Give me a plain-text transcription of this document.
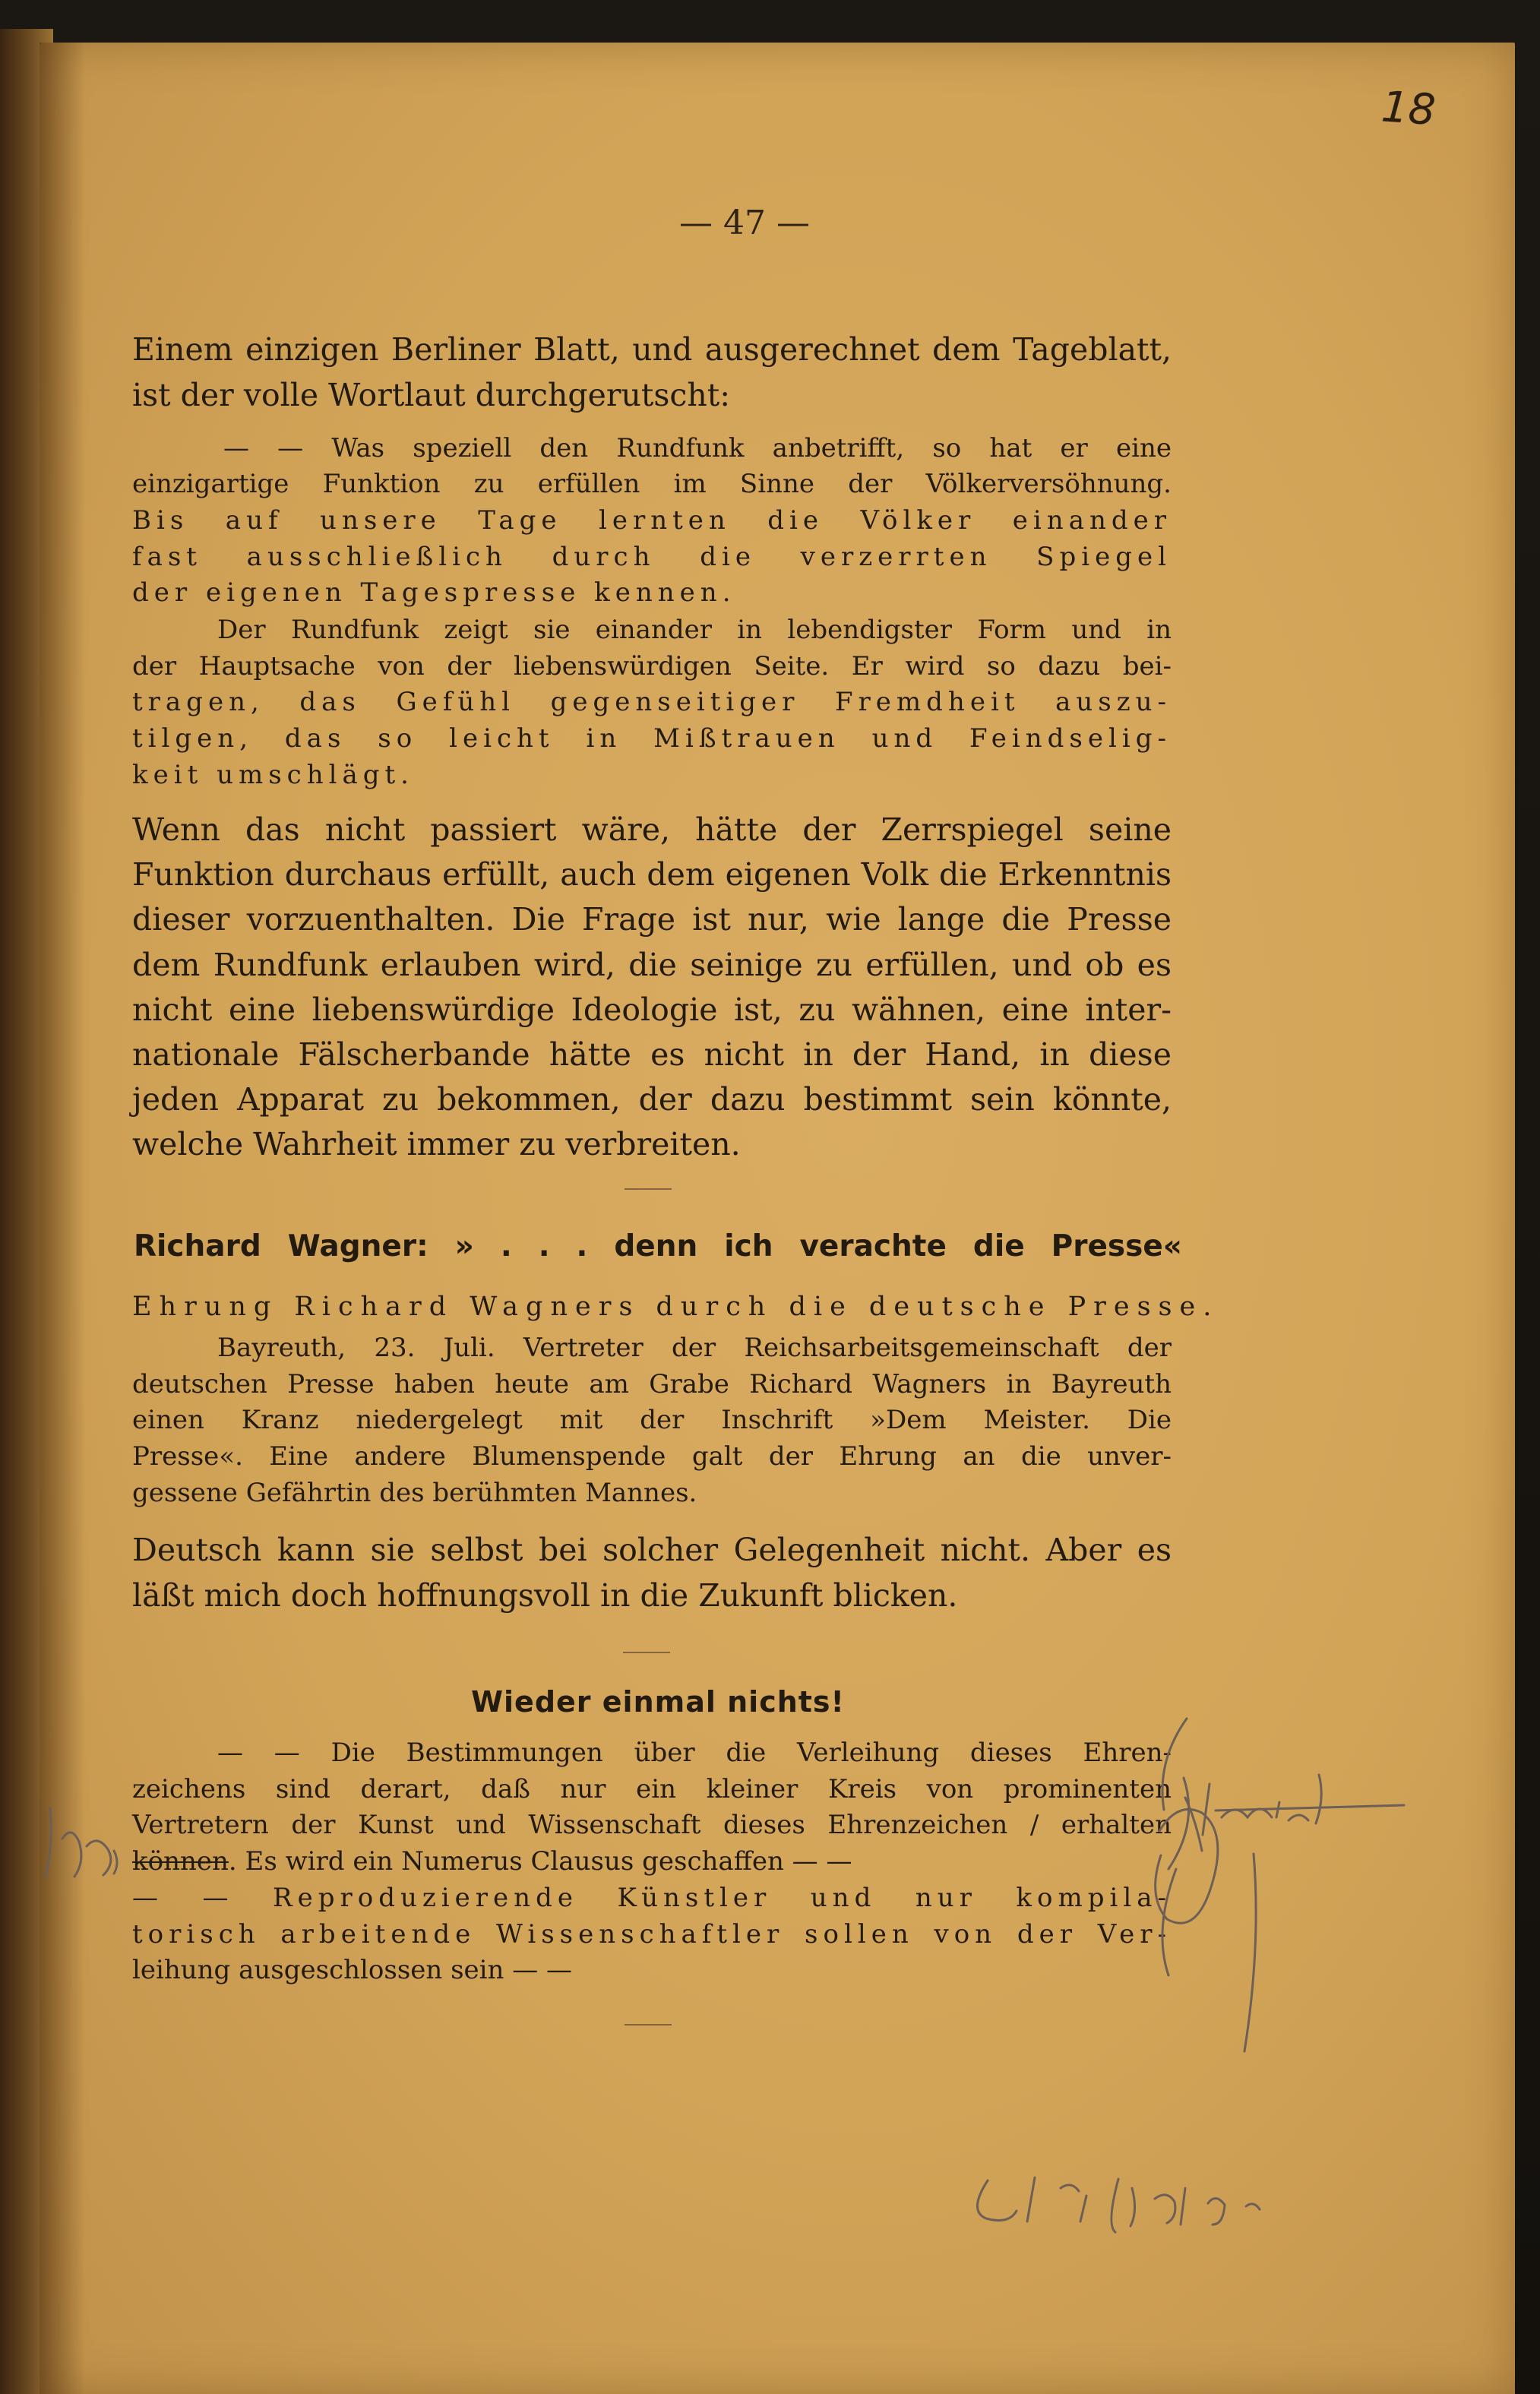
18
— 47 —

Einem einzigen Berliner Blatt, und ausgerechnet dem Tageblatt,

ist der volle Wortlaut durchgerutscht:

— — Was speziell den Rundfunk anbetrifft, so hat er eine

einzigartige Funktion zu erfüllen im Sinne der Völkerversöhnung.

Bis auf unsere Tage lernten die Völker einander

fast ausschließlich durch die verzerrten Spiegel

der eigenen Tagespresse kennen.

Der Rundfunk zeigt sie einander in lebendigster Form und in

der Hauptsache von der liebenswürdigen Seite. Er wird so dazu bei-

tragen, das Gefühl gegenseitiger Fremdheit auszu-

tilgen, das so leicht in Mißtrauen und Feindselig-

keit umschlägt.

Wenn das nicht passiert wäre, hätte der Zerrspiegel seine

Funktion durchaus erfüllt, auch dem eigenen Volk die Erkenntnis

dieser vorzuenthalten. Die Frage ist nur, wie lange die Presse

dem Rundfunk erlauben wird, die seinige zu erfüllen, und ob es

nicht eine liebenswürdige Ideologie ist, zu wähnen, eine inter-

nationale Fälscherbande hätte es nicht in der Hand, in diese

jeden Apparat zu bekommen, der dazu bestimmt sein könnte,

welche Wahrheit immer zu verbreiten.

Richard Wagner: » . . . denn ich verachte die Presse«

Ehrung Richard Wagners durch die deutsche Presse.

Bayreuth, 23. Juli. Vertreter der Reichsarbeitsgemeinschaft der

deutschen Presse haben heute am Grabe Richard Wagners in Bayreuth

einen Kranz niedergelegt mit der Inschrift »Dem Meister. Die

Presse«. Eine andere Blumenspende galt der Ehrung an die unver-

gessene Gefährtin des berühmten Mannes.

Deutsch kann sie selbst bei solcher Gelegenheit nicht. Aber es

läßt mich doch hoffnungsvoll in die Zukunft blicken.

Wieder einmal nichts!

— — Die Bestimmungen über die Verleihung dieses Ehren-

zeichens sind derart, daß nur ein kleiner Kreis von prominenten

Vertretern der Kunst und Wissenschaft dieses Ehrenzeichen / erhalten

können. Es wird ein Numerus Clausus geschaffen — —

— — Reproduzierende Künstler und nur kompila-

torisch arbeitende Wissenschaftler sollen von der Ver-

leihung ausgeschlossen sein — —
